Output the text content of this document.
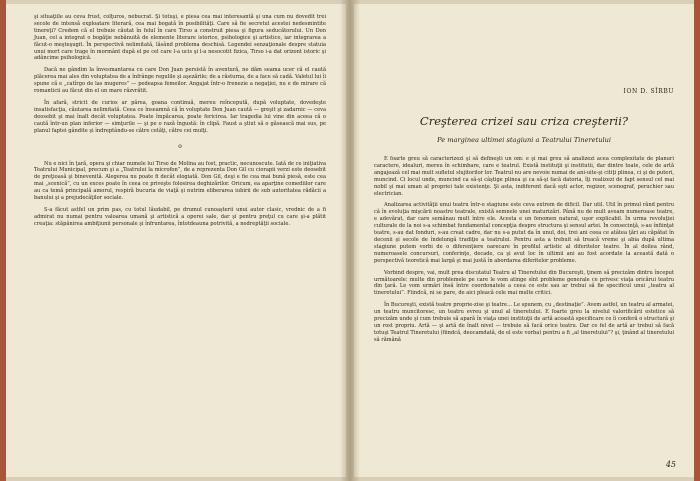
şi situaţiile au ceva frust, colţuros, nebucrat. Şi totuşi, e piesa cea mai interesantă şi una cum nu dovedit trei secole de intensă exploatare literară, cea mai bogată în posibilităţi. Care să fie secretul acestei nedesmintite tinereţi? Credem că el trebuie căutat în felul în care Tirso a construit piesa şi figura seducătorului. Un Don Juan, cel a integrat o bogăţie nebănuită de elemente literare istorice, psihologice şi artistice, iar integrarea a făcut-o meşteşugit. În perspectivă nelimitată, lăsând problema deschisă. Legendei senzaţionale despre statuia unui mort care trage în mormânt după el pe cel care l-a ucis şi l-a nesocotit fizica, Tirso i-a dat orizont istoric şi adâncime psihologică.

Dacă ne gândim la învesmantarea cu care Don Juan persistă în aventură, ne dăm seama ucer că el caută plăcerea mai ales din voluptatea de a înfrânge regulile şi aşezările; de a răsturna, de a face să cadă. Valetul lui îi spune că e „catîrgo de las mugeres” — pedeapsa femeilor. Angajat într-o frenezie a negaţiei, nu e de mirare că romanticii au făcut din el un mare răzvrătit.

În afară, stricit de curios ar părea, goana continuă, mereu reîncepută, după voluptate, dovedeşte insatisfacţia, căutarea nelimitată. Ceea ce înseamnă că în voluptate Don Juan caută — greşit şi zadarnic — ceva deosebit şi mai înalt decât voluptatea. Poate împăcarea, poate fericirea. Iar tragedia lui vine din aceea că o caută într-un plan inferior — simţurile — şi pe o rază îngustă: în clipă. Faust a ştiut să o găsească mai sus, pe planul faptei gândite şi îndreptându-se către cetăţi, către cei mulţi.

o

Nu e nici în ţară, opera şi chiar numele lui Tirso de Molina au fost, practic, necunoscute. Iată de ce iniţiativa Teatrului Municipal, precum şi a „Teatrului la microfon”, de a reprezenta Don Gil cu ciorapii verzi este deosebit de preţioasă şi binevenită. Alegerea nu poate fi decât elogiată. Don Gil, deşi e fie cea mai bună piesă, este cea mai „scenică”, cu un exces poate în ceea ce priveşte folosirea deghizărilor. Oricum, ea aparţine comediilor care au ca temă principală amorul, respiră bucuria de viaţă şi nutrim eliberarea iubirii de sub autoritatea rădăcii a banului şi a prejudecăţilor sociale.

S-a făcut astfel un prim pas, cu totul lăudabil, pe drumul cunoaşterii unui autor clasic, vrednic de a fi admirat nu numai pentru valoarea umană şi artistică a operei sale, dar şi pentru preţul cu care şi-a plătit creaţia: stăpânirea ambiţiunii personale şi înfruntarea, întotdeauna potrivită, a nedreptăţii sociale.

ION D. SÎRBU
Creşterea crizei sau criza creşterii?
Pe marginea ultimei stagiuni a Teatrului Tineretului

E foarte greu să caracterizezi şi să defineşti un om: e şi mai greu să analizezi acea complexitate de planuri caractere, idealuri, mereu în schimbare, care e teatrul. Există instituţii şi institutii, dar dintre toate, cele de artă angajează cel mai mult sufletul slujitorilor lor. Teatrul nu are nevoie numai de ani-uite-şi citiţi plinea, ci şi de puteri, muncind. Ci locul unde, muncind ca să-şi câştige plinea şi ca să-şi facă datoria, îţi realizezi de fapt sensul cel mai nobil şi mai uman al propriei tale existenţe. Şi asta, indiferent dacă eşti actor, regizor, scenograf, peruchier sau electrician.

Analizarea activităţii unui teatru într-o stagiune este ceva extrem de dificil. Dar util. Util în primul rând pentru că în evoluţia mişcării noastre teatrale, există semnele unei maturizări. Până nu de mult aveam numeroase teatre, e adevărat, dar care semănau mult între ele. Acesta e un fenomen natural, uşor explicabil. În urma revoluţiei culturale de la noi s-a schimbat fundamental concepţia despre structura şi sensul artei. În consecinţă, s-au înfiinţat teatre, s-au dat fonduri, s-au creat cadre, dar nu s-a putut da în unul, doi, trei ani ceea ce atâtea ţări au căpătat în decenii şi secole de îndelungă tradiţie a teatrului. Pentru asta a trebuit să treacă vreme şi abia după ultima stagiune putem vorbi de o diferenţiere oarecare în profilul artistic al diferitelor teatre. În al doilea rând, numeroasele concursuri, conferinţe, decade, ca şi avut loc în ultimii ani au fost acordate la această dată o perspectivă teoretică mai largă şi mai justă în abordarea diferitelor probleme.

Vorbind despre, vai, mult prea discutatul Teatru al Tineretului din Bucureşti, ţinem să precizăm dintru început următoarele: multe din problemele pe care le vom atinge sînt probleme generale ce privesc viaţa oricărui teatru din ţară. Le vom urmări însă între coordonatele a ceea ce este sau ar trebui să fie specificul unui „teatru al tineretului”. Fiindcă, ni se pare, de aici pleacă cele mai multe critici.

În Bucureşti, există teatre proprie-zise şi teatre... Le spunem, cu „destinaţie”. Avem astfel, un teatru al armatei, un teatru muncitoresc, un teatru evreu şi unul al tineretului. E foarte greu la nivelul valorificării estetice să precizăm unde şi cum trebuie să apară în viaţa unei instituţii de artă această specificare ce îi conferă o structură şi un rost propriu. Artă — şi artă de înalt nivel — trebuie să facă orice teatru. Dar ce fel de artă ar trebui să facă totuşi Teatrul Tineretului (fiindcă, deocamdată, de el este vorba) pentru a fi „al tineretului”? şi, ţinând al tineretului să rămână

45
